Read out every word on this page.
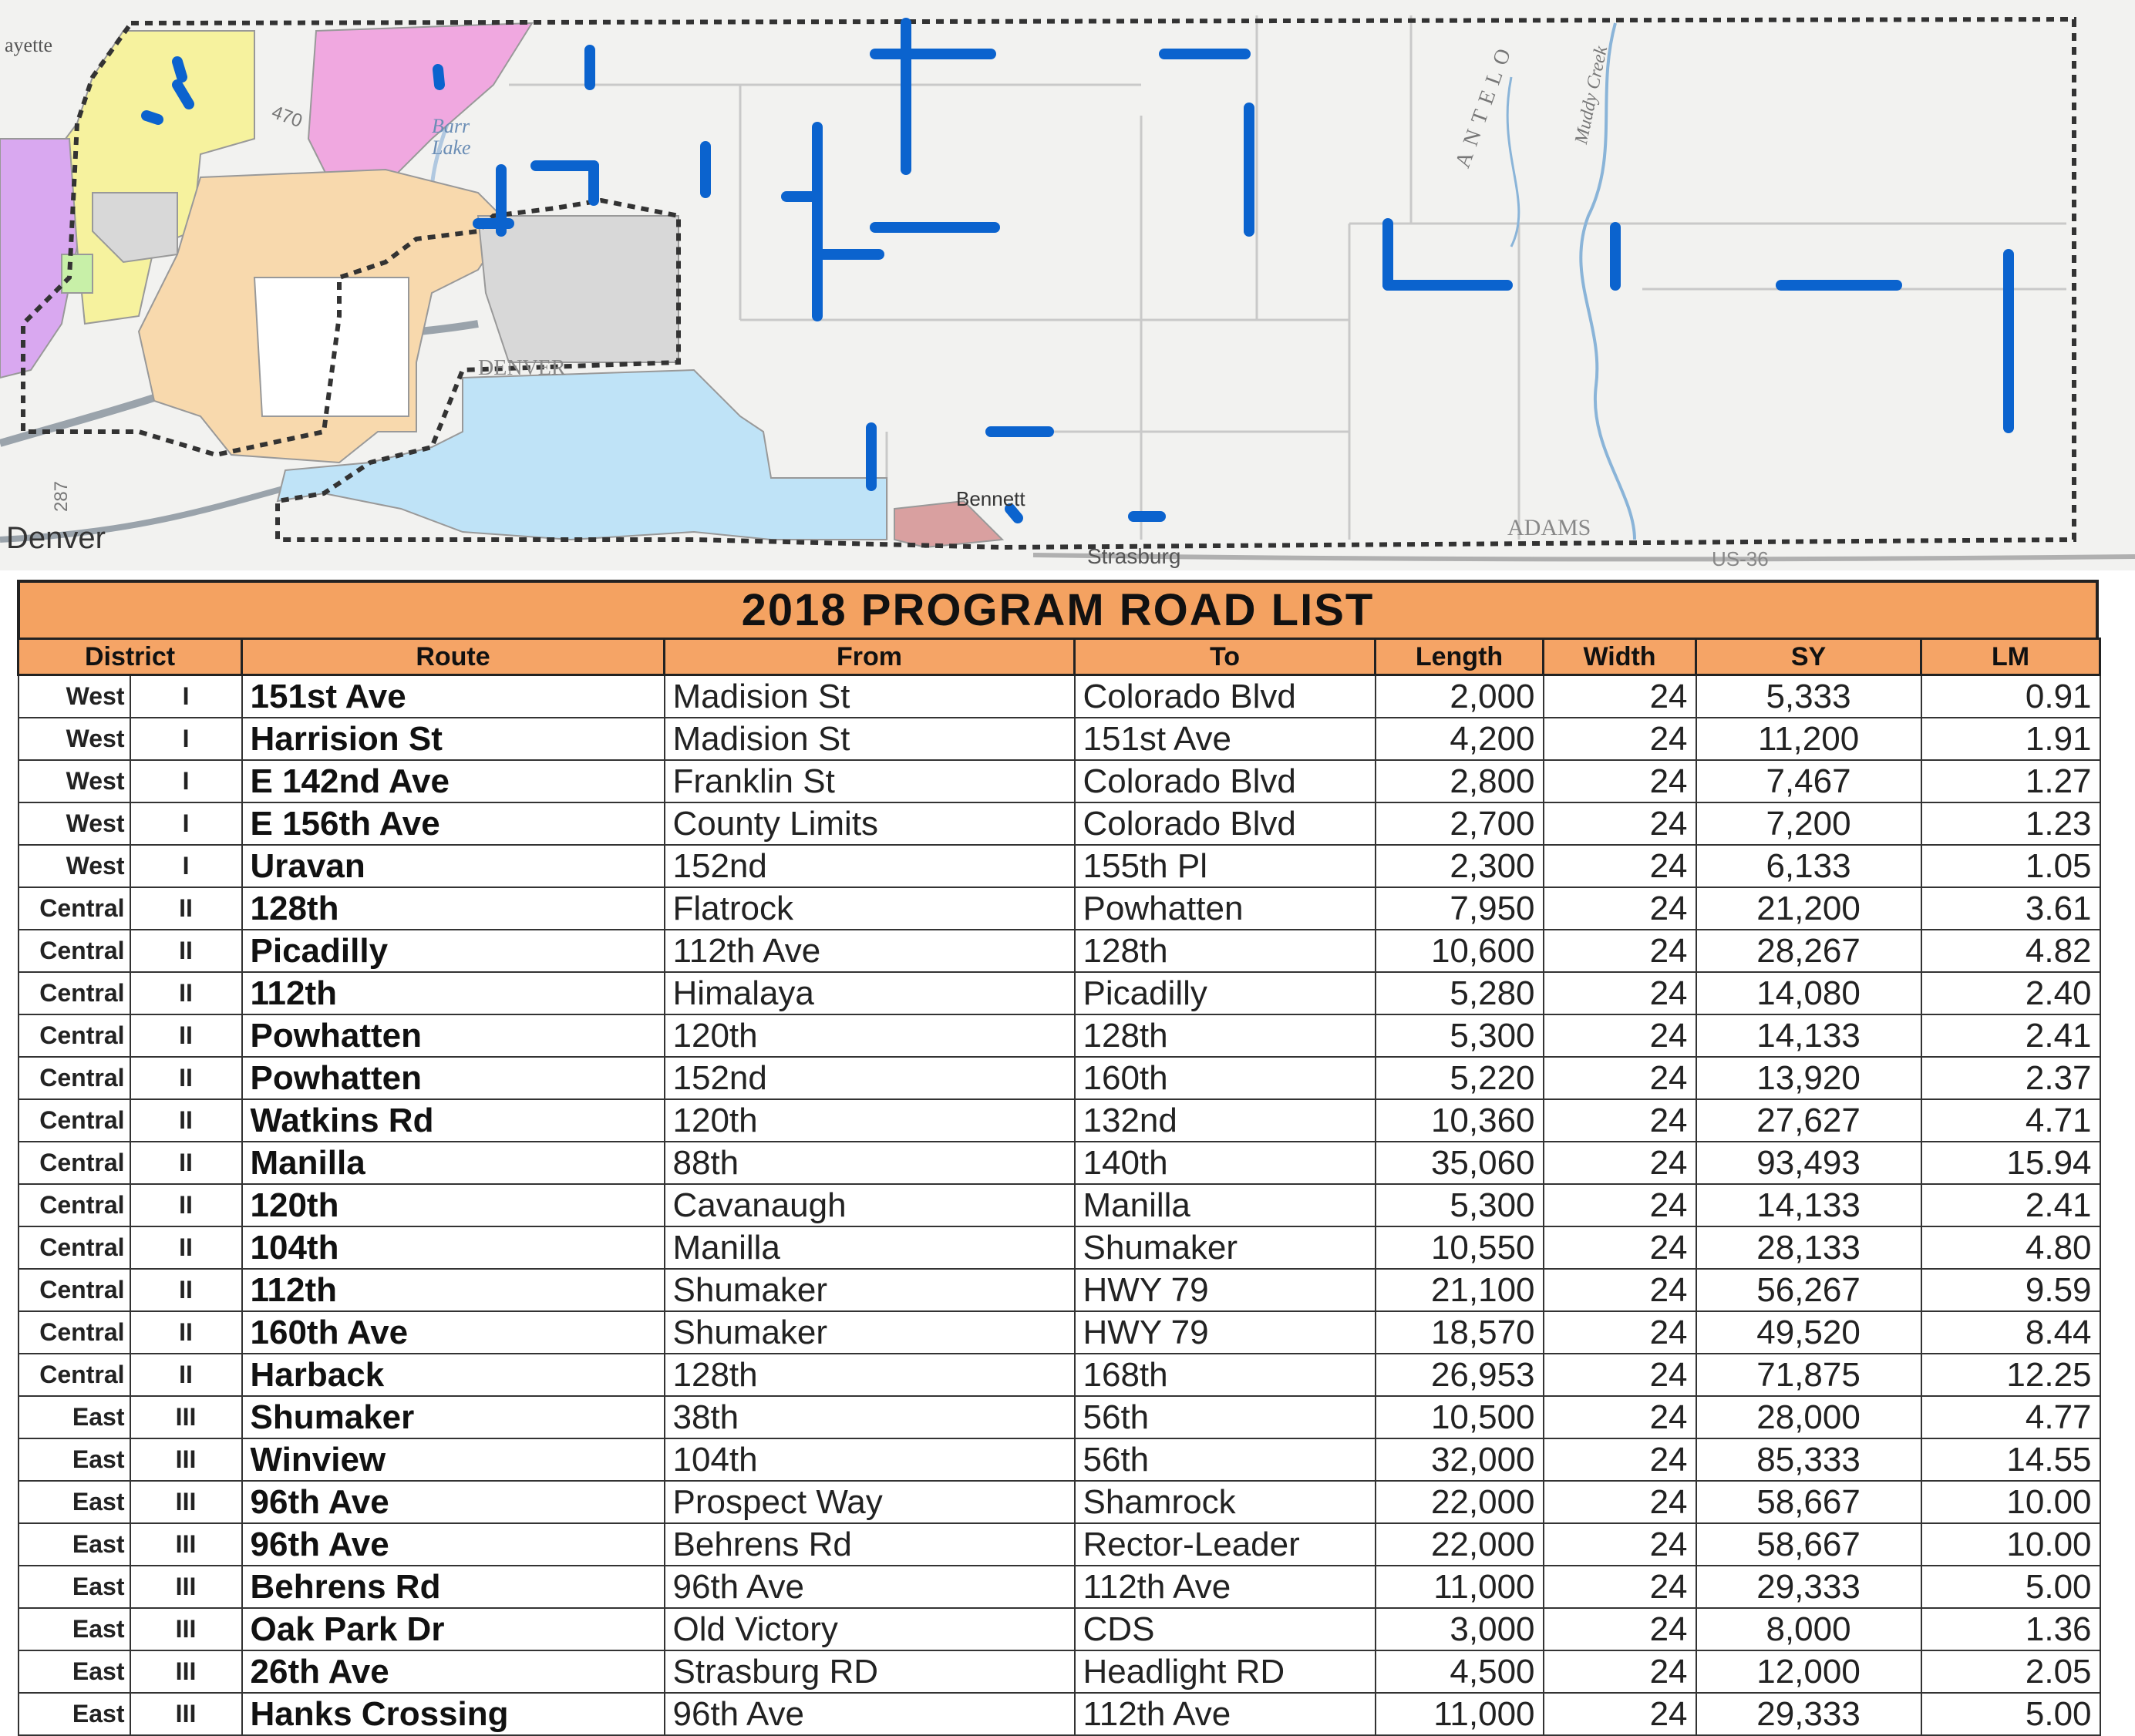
ayette
Denver
Barr
Lake
DENVER
Bennett
Strasburg
ADAMS
US-36
287
470	ANTELO	Muddy Creek
2018 PROGRAM ROAD LIST
District		Route	From	To	Length	Width	SY	LM
West	I	151st Ave	Madision St	Colorado Blvd	2,000	24	5,333	0.91
West	I	Harrision St	Madision St	151st Ave	4,200	24	11,200	1.91
West	I	E 142nd Ave	Franklin St	Colorado Blvd	2,800	24	7,467	1.27
West	I	E 156th Ave	County Limits	Colorado Blvd	2,700	24	7,200	1.23
West	I	Uravan	152nd	155th Pl	2,300	24	6,133	1.05
Central	II	128th	Flatrock	Powhatten	7,950	24	21,200	3.61
Central	II	Picadilly	112th Ave	128th	10,600	24	28,267	4.82
Central	II	112th	Himalaya	Picadilly	5,280	24	14,080	2.40
Central	II	Powhatten	120th	128th	5,300	24	14,133	2.41
Central	II	Powhatten	152nd	160th	5,220	24	13,920	2.37
Central	II	Watkins Rd	120th	132nd	10,360	24	27,627	4.71
Central	II	Manilla	88th	140th	35,060	24	93,493	15.94
Central	II	120th	Cavanaugh	Manilla	5,300	24	14,133	2.41
Central	II	104th	Manilla	Shumaker	10,550	24	28,133	4.80
Central	II	112th	Shumaker	HWY 79	21,100	24	56,267	9.59
Central	II	160th Ave	Shumaker	HWY 79	18,570	24	49,520	8.44
Central	II	Harback	128th	168th	26,953	24	71,875	12.25
East	III	Shumaker	38th	56th	10,500	24	28,000	4.77
East	III	Winview	104th	56th	32,000	24	85,333	14.55
East	III	96th Ave	Prospect Way	Shamrock	22,000	24	58,667	10.00
East	III	96th Ave	Behrens Rd	Rector-Leader	22,000	24	58,667	10.00
East	III	Behrens Rd	96th Ave	112th Ave	11,000	24	29,333	5.00
East	III	Oak Park Dr	Old Victory	CDS	3,000	24	8,000	1.36
East	III	26th Ave	Strasburg RD	Headlight RD	4,500	24	12,000	2.05
East	III	Hanks Crossing	96th Ave	112th Ave	11,000	24	29,333	5.00
